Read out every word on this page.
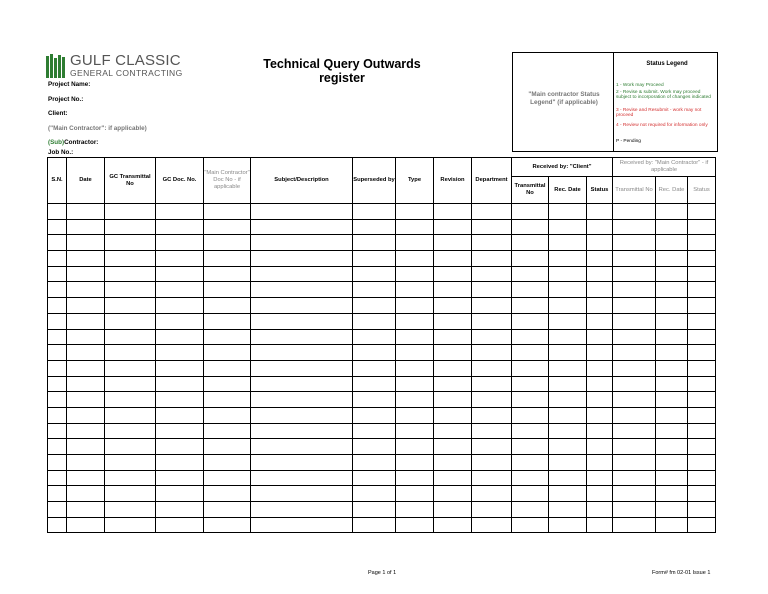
GULF CLASSIC
GENERAL CONTRACTING
Technical Query Outwards
register
Project Name:
Project No.:
Client:
("Main Contractor": if applicable)
(Sub)Contractor:
Job No.:
"Main contractor Status Legend" (if applicable)
Status Legend
1 - Work may Proceed
2 - Revise & submit. Work may proceed subject to incorporation of changes indicated
3 - Revise and Resubmit - work may not proceed
4 - Review not required for information only
P - Pending
S.N.	Date	GC Transmittal No	GC Doc. No.	"Main Contractor" Doc No - if applicable	Subject/Description	Superseded by	Type	Revision	Department	Received by: "Client"			Received by: "Main Contractor" - if applicable		
										Transmittal No	Rec. Date	Status	Transmittal No	Rec. Date	Status

Page 1 of 1	Form# fm 02-01 Issue 1
